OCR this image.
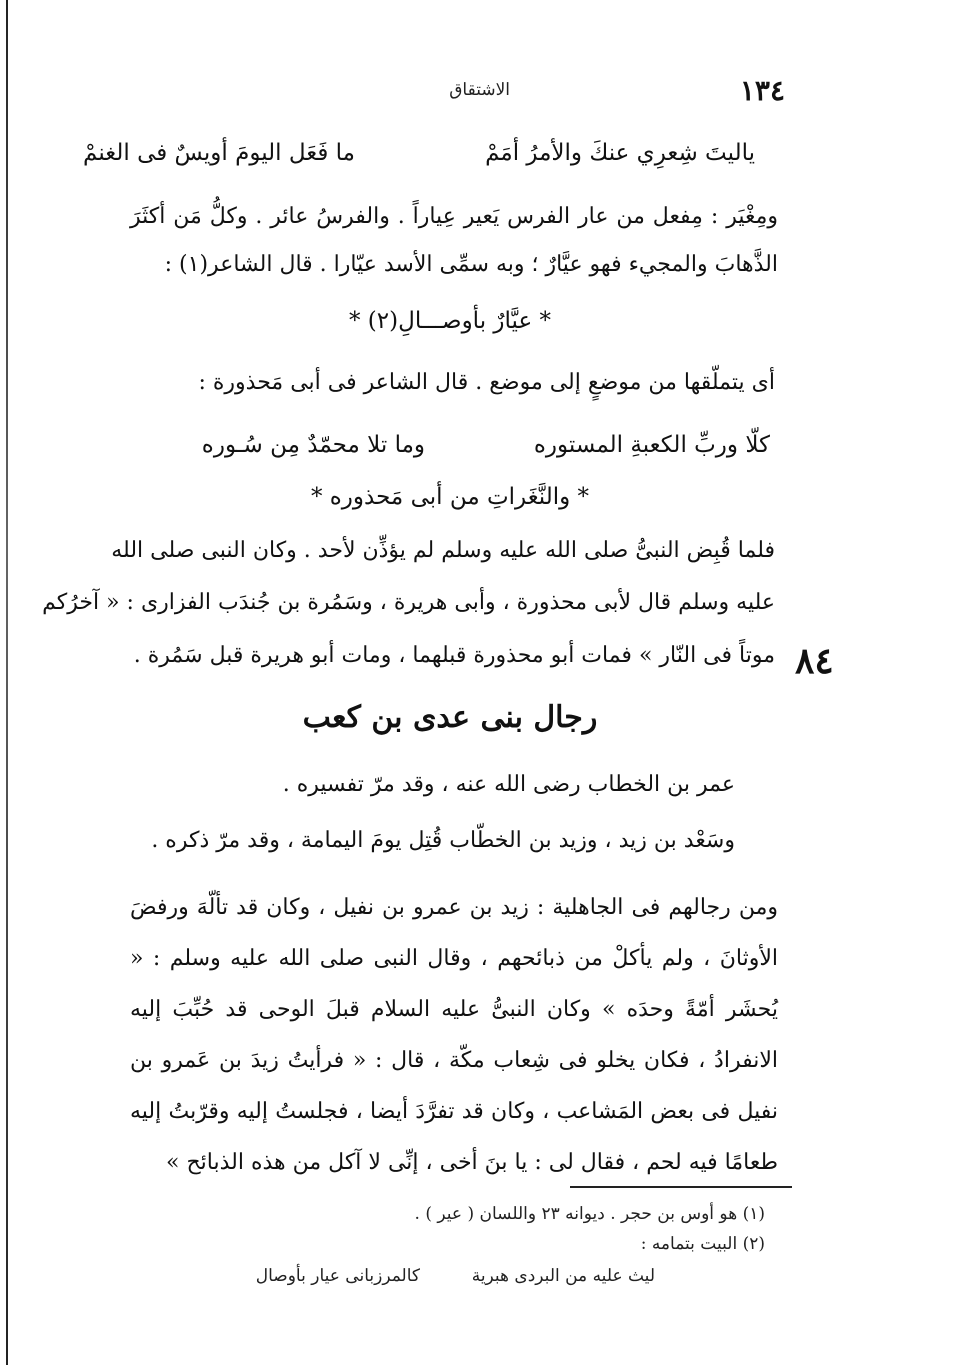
١٣٤
الاشتقاق
ياليتَ شِعرِي عنكَ والأمرُ أمَمْ
ما فَعَل اليومَ أويسٌ فى الغنمْ
ومِغْيَر : مِفعل من عار الفرس يَعير عِياراً . والفرسُ عائر . وكلُّ مَن أكثَرَ الذَّهابَ والمجيء فهو عيَّارٌ ؛ وبه سمِّى الأسد عيّارا . قال الشاعر(١) :
* عيَّارٌ بأوصـــالِ(٢) *
أى يتملّقها من موضعٍ إلى موضع . قال الشاعر فى أبى مَحذورة :
كلّا وربِّ الكعبةِ المستوره
وما تلا محمّدٌ مِن سُـوره
* والنَّغَراتِ من أبى مَحذوره *
فلما قُبِض النبىُّ صلى الله عليه وسلم لم يؤذِّن لأحد . وكان النبى صلى الله
عليه وسلم قال لأبى محذورة ، وأبى هريرة ، وسَمُرة بن جُندَب الفزارى : « آخرُكم
موتاً فى النّار » فمات أبو محذورة قبلهما ، ومات أبو هريرة قبل سَمُرة . ٨٤
رجال بنى عدى بن كعب
عمر بن الخطاب رضى الله عنه ، وقد مرّ تفسيره .
وسَعْد بن زيد ، وزيد بن الخطّاب قُتِل يومَ اليمامة ، وقد مرّ ذكره .
ومن رجالهم فى الجاهلية : زيد بن عمرو بن نفيل ، وكان قد تألّهَ ورفضَ الأوثانَ ، ولم يأكلْ من ذبائحهم ، وقال النبى صلى الله عليه وسلم : « يُحشَر أمّةً وحدَه » وكان النبىُّ عليه السلام قبلَ الوحى قد حُبِّبَ إليه الانفرادُ ، فكان يخلو فى شِعاب مكّة ، قال : « فرأيتُ زيدَ بن عَمرو بن نفيل فى بعض المَشاعب ، وكان قد تفرَّدَ أيضا ، فجلستُ إليه وقرّبتُ إليه طعامًا فيه لحم ، فقال لى : يا بنَ أخى ، إنِّى لا آكل من هذه الذبائح »
(١) هو أوس بن حجر . ديوانه ٢٣ واللسان ( عير ) .
(٢) البيت بتمامه :
ليث عليه من البردى هبرية
كالمرزبانى عيار بأوصال
